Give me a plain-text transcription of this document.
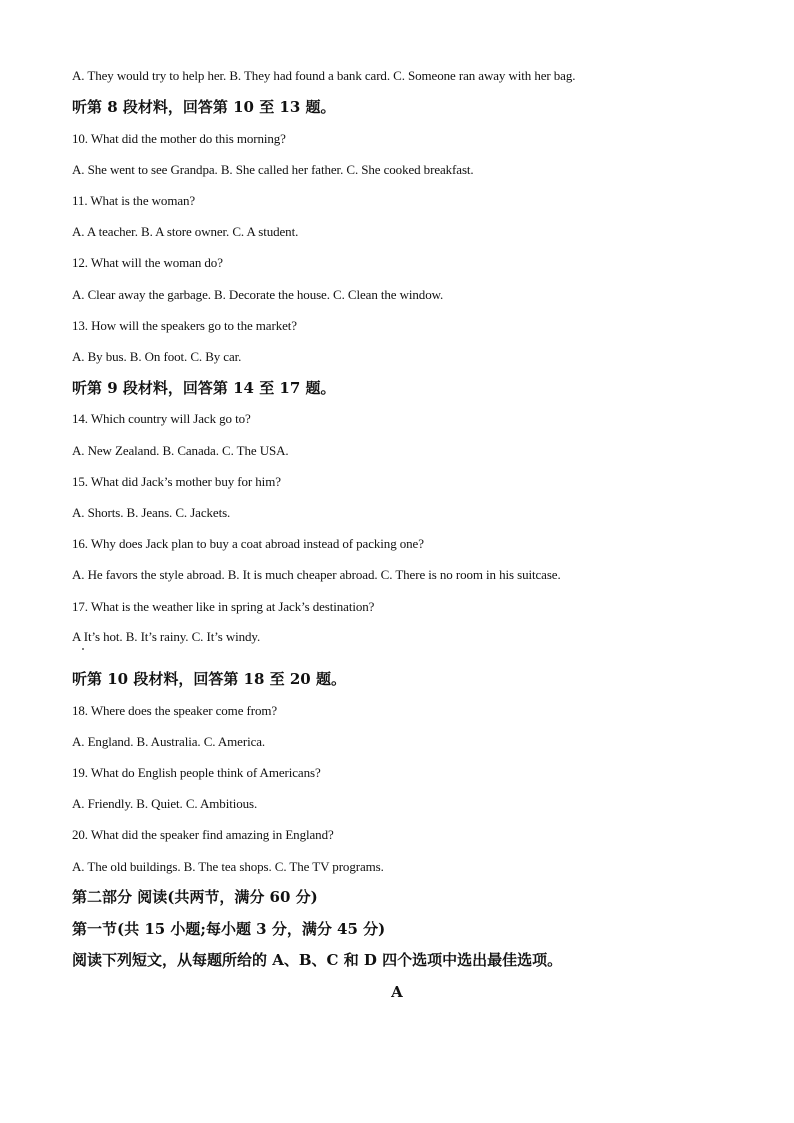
A. They would try to help her. B. They had found a bank card. C. Someone ran away with her bag.
听第 8 段材料，回答第 10 至 13 题。
10. What did the mother do this morning?
A. She went to see Grandpa. B. She called her father. C. She cooked breakfast.
11. What is the woman?
A. A teacher. B. A store owner. C. A student.
12. What will the woman do?
A. Clear away the garbage. B. Decorate the house. C. Clean the window.
13. How will the speakers go to the market?
A. By bus. B. On foot. C. By car.
听第 9 段材料，回答第 14 至 17 题。
14. Which country will Jack go to?
A. New Zealand. B. Canada. C. The USA.
15. What did Jack’s mother buy for him?
A. Shorts. B. Jeans. C. Jackets.
16. Why does Jack plan to buy a coat abroad instead of packing one?
A. He favors the style abroad. B. It is much cheaper abroad. C. There is no room in his suitcase.
17. What is the weather like in spring at Jack’s destination?
A It’s hot. B. It’s rainy. C. It’s windy.
听第 10 段材料，回答第 18 至 20 题。
18. Where does the speaker come from?
A. England. B. Australia. C. America.
19. What do English people think of Americans?
A. Friendly. B. Quiet. C. Ambitious.
20. What did the speaker find amazing in England?
A. The old buildings. B. The tea shops. C. The TV programs.
第二部分 阅读(共两节，满分 60 分)
第一节(共 15 小题;每小题 3 分，满分 45 分)
阅读下列短文，从每题所给的 A、B、C 和 D 四个选项中选出最佳选项。
A
